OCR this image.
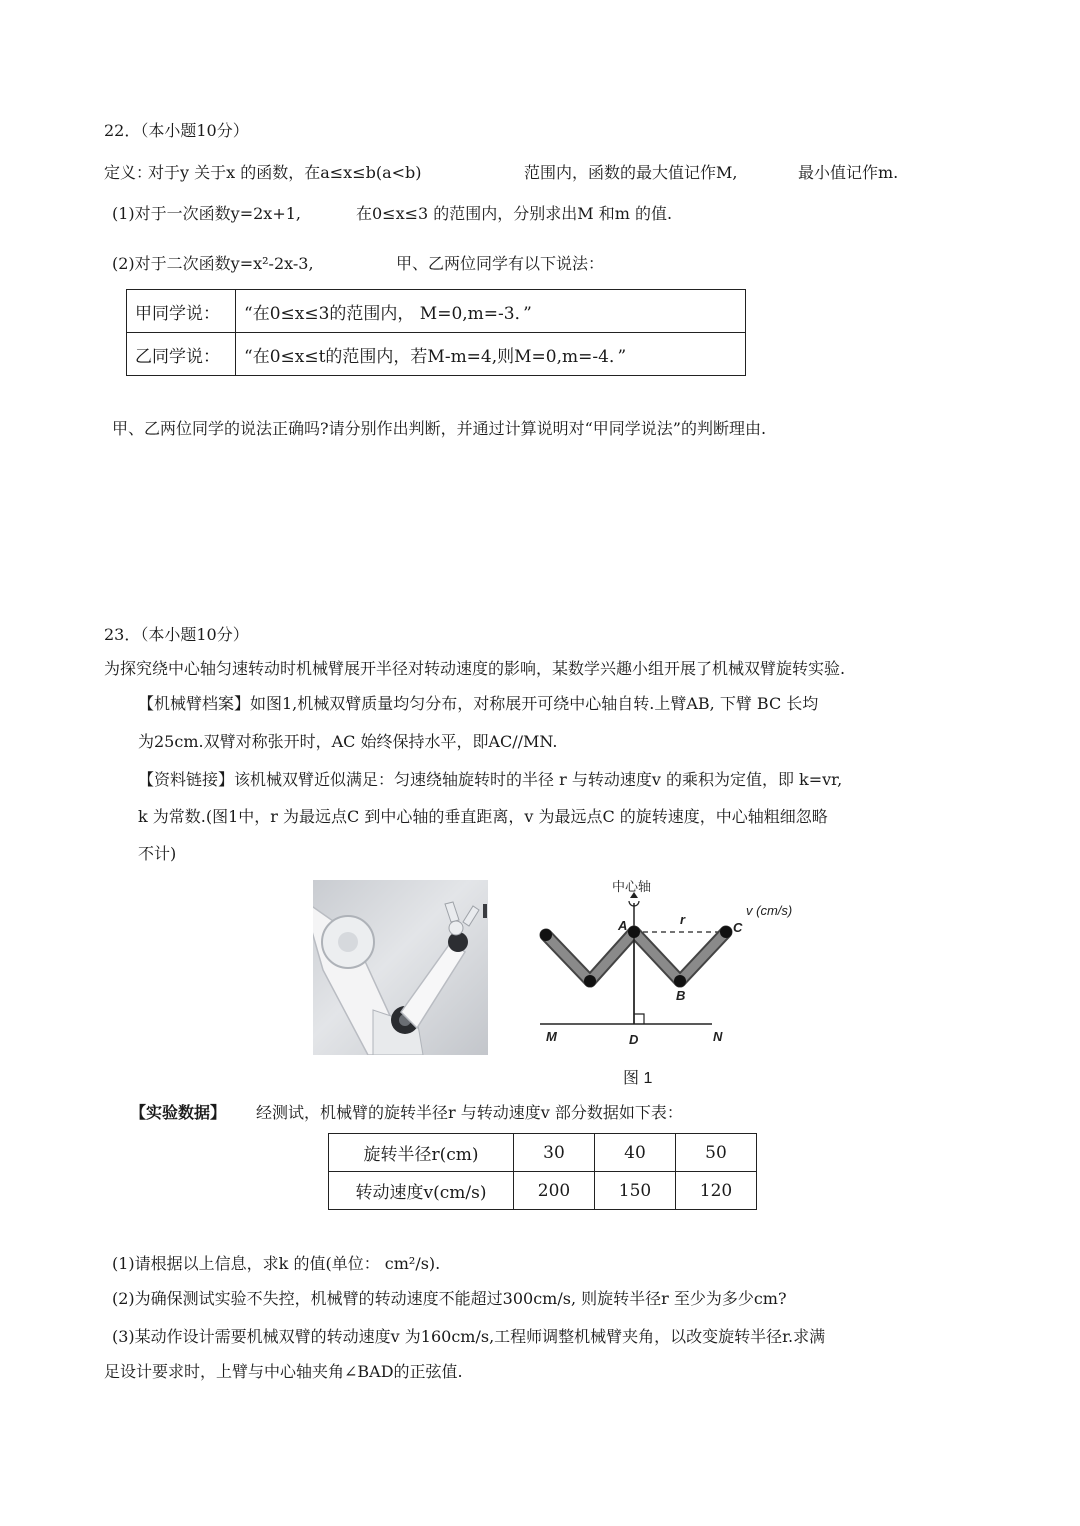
22．（本小题10分）
定义：
对于y 关于x 的函数，在a≤x≤b(a<b)	范围内，函数的最大值记作M,	最小值记作m.
(1)对于一次函数y=2x+1,	在0≤x≤3 的范围内，分别求出M 和m 的值.
(2)对于二次函数y=x²-2x-3,	甲、乙两位同学有以下说法：
甲同学说：	“在0≤x≤3的范围内， M=0,m=-3．”
乙同学说：	“在0≤x≤t的范围内，若M-m=4,则M=0,m=-4．”
甲、乙两位同学的说法正确吗?请分别作出判断，并通过计算说明对“甲同学说法”的判断理由.
23．（本小题10分）
为探究绕中心轴匀速转动时机械臂展开半径对转动速度的影响，某数学兴趣小组开展了机械双臂旋转实验.
【机械臂档案】如图1,机械双臂质量均匀分布，对称展开可绕中心轴自转.上臂AB, 下臂 BC 长均
为25cm.双臂对称张开时，AC 始终保持水平，即AC//MN.
【资料链接】该机械双臂近似满足：匀速绕轴旋转时的半径 r 与转动速度v 的乘积为定值，即 k=vr,
k 为常数.(图1中，r 为最远点C 到中心轴的垂直距离，v 为最远点C 的旋转速度，中心轴粗细忽略
不计)
中心轴
A
B
C
D
M	N
r
v (cm/s)
图 1
【实验数据】 经测试，机械臂的旋转半径r 与转动速度v 部分数据如下表：
旋转半径r(cm)	30	40	50
转动速度v(cm/s)	200	150	120
(1)请根据以上信息，求k 的值(单位： cm²/s).
(2)为确保测试实验不失控，机械臂的转动速度不能超过300cm/s, 则旋转半径r 至少为多少cm?
(3)某动作设计需要机械双臂的转动速度v 为160cm/s,工程师调整机械臂夹角，以改变旋转半径r.求满
足设计要求时，上臂与中心轴夹角∠BAD的正弦值.
